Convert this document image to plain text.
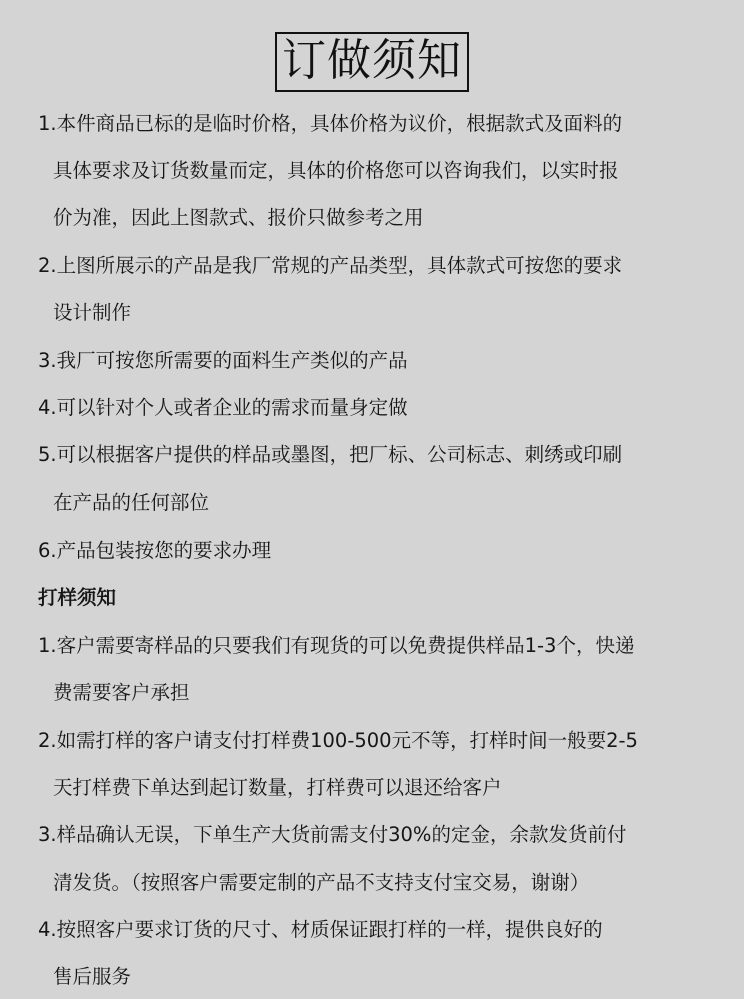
订做须知
1.本件商品已标的是临时价格，具体价格为议价，根据款式及面料的
具体要求及订货数量而定，具体的价格您可以咨询我们，以实时报
价为准，因此上图款式、报价只做参考之用
2.上图所展示的产品是我厂常规的产品类型，具体款式可按您的要求
设计制作
3.我厂可按您所需要的面料生产类似的产品
4.可以针对个人或者企业的需求而量身定做
5.可以根据客户提供的样品或墨图，把厂标、公司标志、刺绣或印刷
在产品的任何部位
6.产品包装按您的要求办理
打样须知
1.客户需要寄样品的只要我们有现货的可以免费提供样品1-3个，快递
费需要客户承担
2.如需打样的客户请支付打样费100-500元不等，打样时间一般要2-5
天打样费下单达到起订数量，打样费可以退还给客户
3.样品确认无误，下单生产大货前需支付30%的定金，余款发货前付
清发货。（按照客户需要定制的产品不支持支付宝交易，谢谢）
4.按照客户要求订货的尺寸、材质保证跟打样的一样，提供良好的
售后服务
